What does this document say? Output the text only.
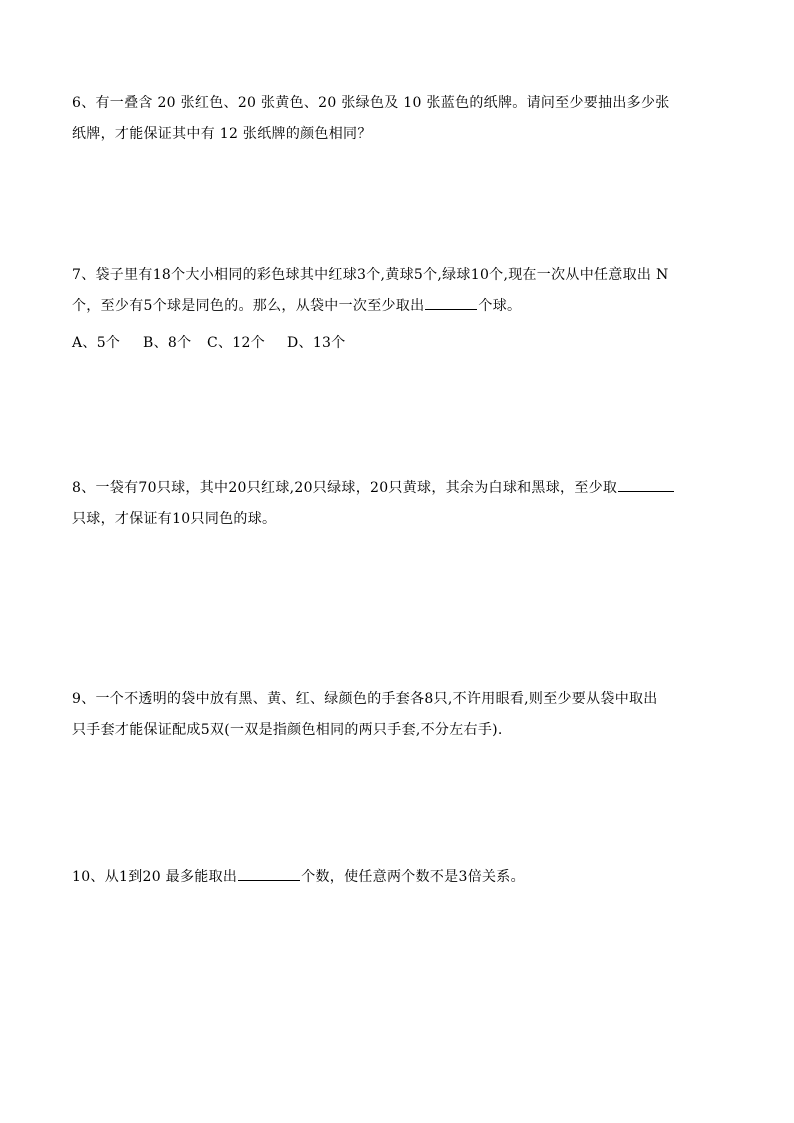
6、有一叠含 20 张红色、20 张黄色、20 张绿色及 10 张蓝色的纸牌。请问至少要抽出多少张
纸牌，才能保证其中有 12 张纸牌的颜色相同？
7、袋子里有18个大小相同的彩色球其中红球3个,黄球5个,绿球10个,现在一次从中任意取出 N
个，至少有5个球是同色的。那么，从袋中一次至少取出	个球。
A、5个 B、8个 C、12个 D、13个
8、一袋有70只球，其中20只红球,20只绿球，20只黄球，其余为白球和黑球，至少取
只球，才保证有10只同色的球。
9、一个不透明的袋中放有黑、黄、红、绿颜色的手套各8只,不许用眼看,则至少要从袋中取出
只手套才能保证配成5双(一双是指颜色相同的两只手套,不分左右手).
10、从1到20 最多能取出	个数，使任意两个数不是3倍关系。
